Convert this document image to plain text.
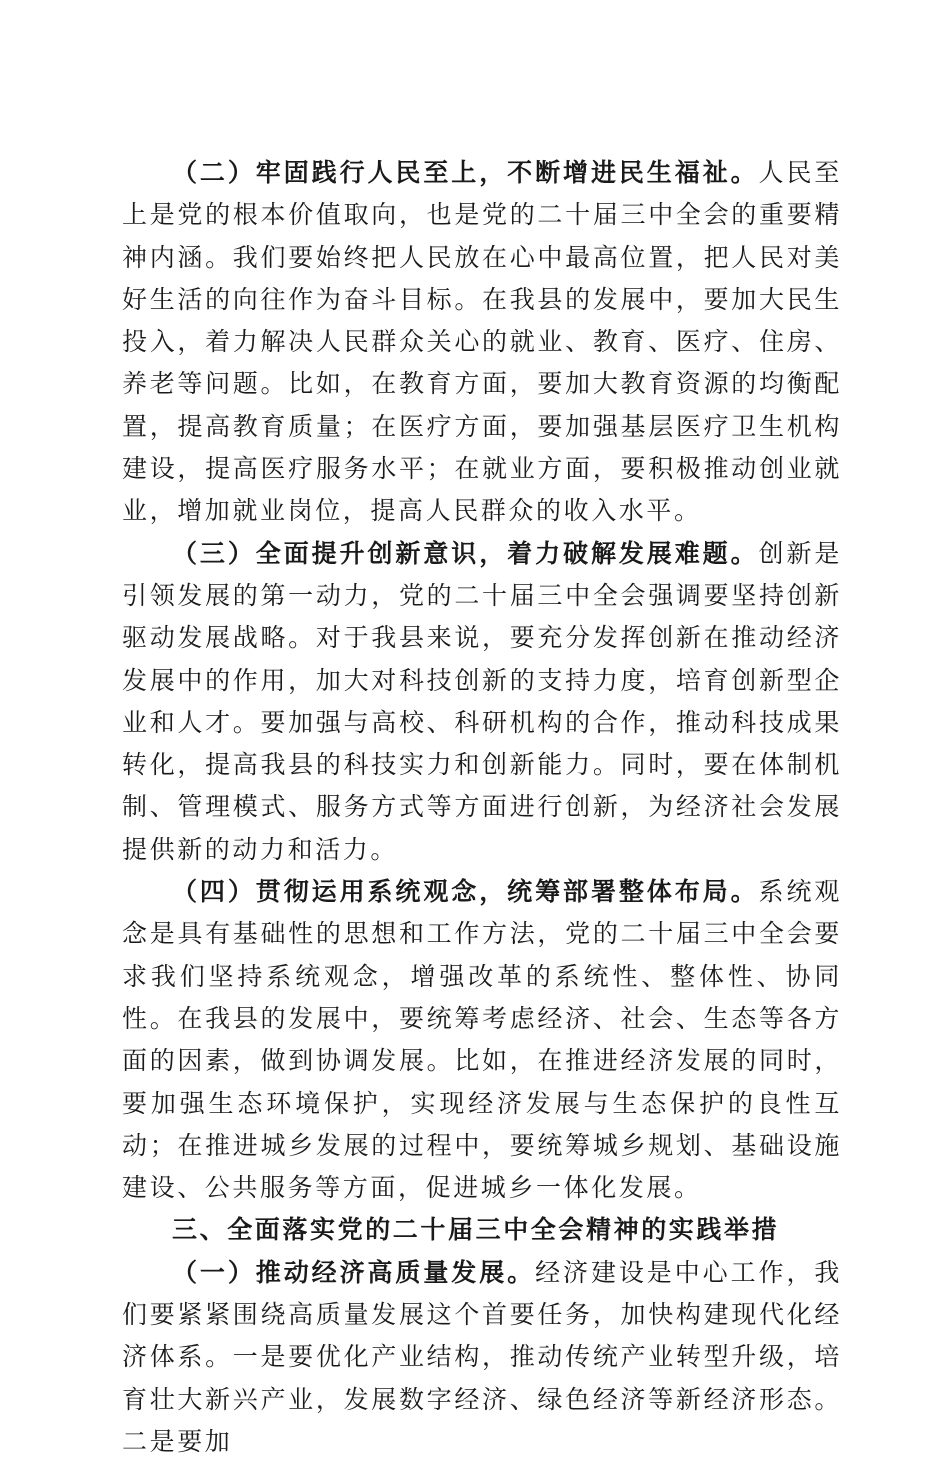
（二）牢固践行人民至上，不断增进民生福祉。人民至上是党的根本价值取向，也是党的二十届三中全会的重要精神内涵。我们要始终把人民放在心中最高位置，把人民对美好生活的向往作为奋斗目标。在我县的发展中，要加大民生投入，着力解决人民群众关心的就业、教育、医疗、住房、养老等问题。比如，在教育方面，要加大教育资源的均衡配置，提高教育质量；在医疗方面，要加强基层医疗卫生机构建设，提高医疗服务水平；在就业方面，要积极推动创业就业，增加就业岗位，提高人民群众的收入水平。

（三）全面提升创新意识，着力破解发展难题。创新是引领发展的第一动力，党的二十届三中全会强调要坚持创新驱动发展战略。对于我县来说，要充分发挥创新在推动经济发展中的作用，加大对科技创新的支持力度，培育创新型企业和人才。要加强与高校、科研机构的合作，推动科技成果转化，提高我县的科技实力和创新能力。同时，要在体制机制、管理模式、服务方式等方面进行创新，为经济社会发展提供新的动力和活力。

（四）贯彻运用系统观念，统筹部署整体布局。系统观念是具有基础性的思想和工作方法，党的二十届三中全会要求我们坚持系统观念，增强改革的系统性、整体性、协同性。在我县的发展中，要统筹考虑经济、社会、生态等各方面的因素，做到协调发展。比如，在推进经济发展的同时，要加强生态环境保护，实现经济发展与生态保护的良性互动；在推进城乡发展的过程中，要统筹城乡规划、基础设施建设、公共服务等方面，促进城乡一体化发展。

三、全面落实党的二十届三中全会精神的实践举措

（一）推动经济高质量发展。经济建设是中心工作，我们要紧紧围绕高质量发展这个首要任务，加快构建现代化经济体系。一是要优化产业结构，推动传统产业转型升级，培育壮大新兴产业，发展数字经济、绿色经济等新经济形态。二是要加
